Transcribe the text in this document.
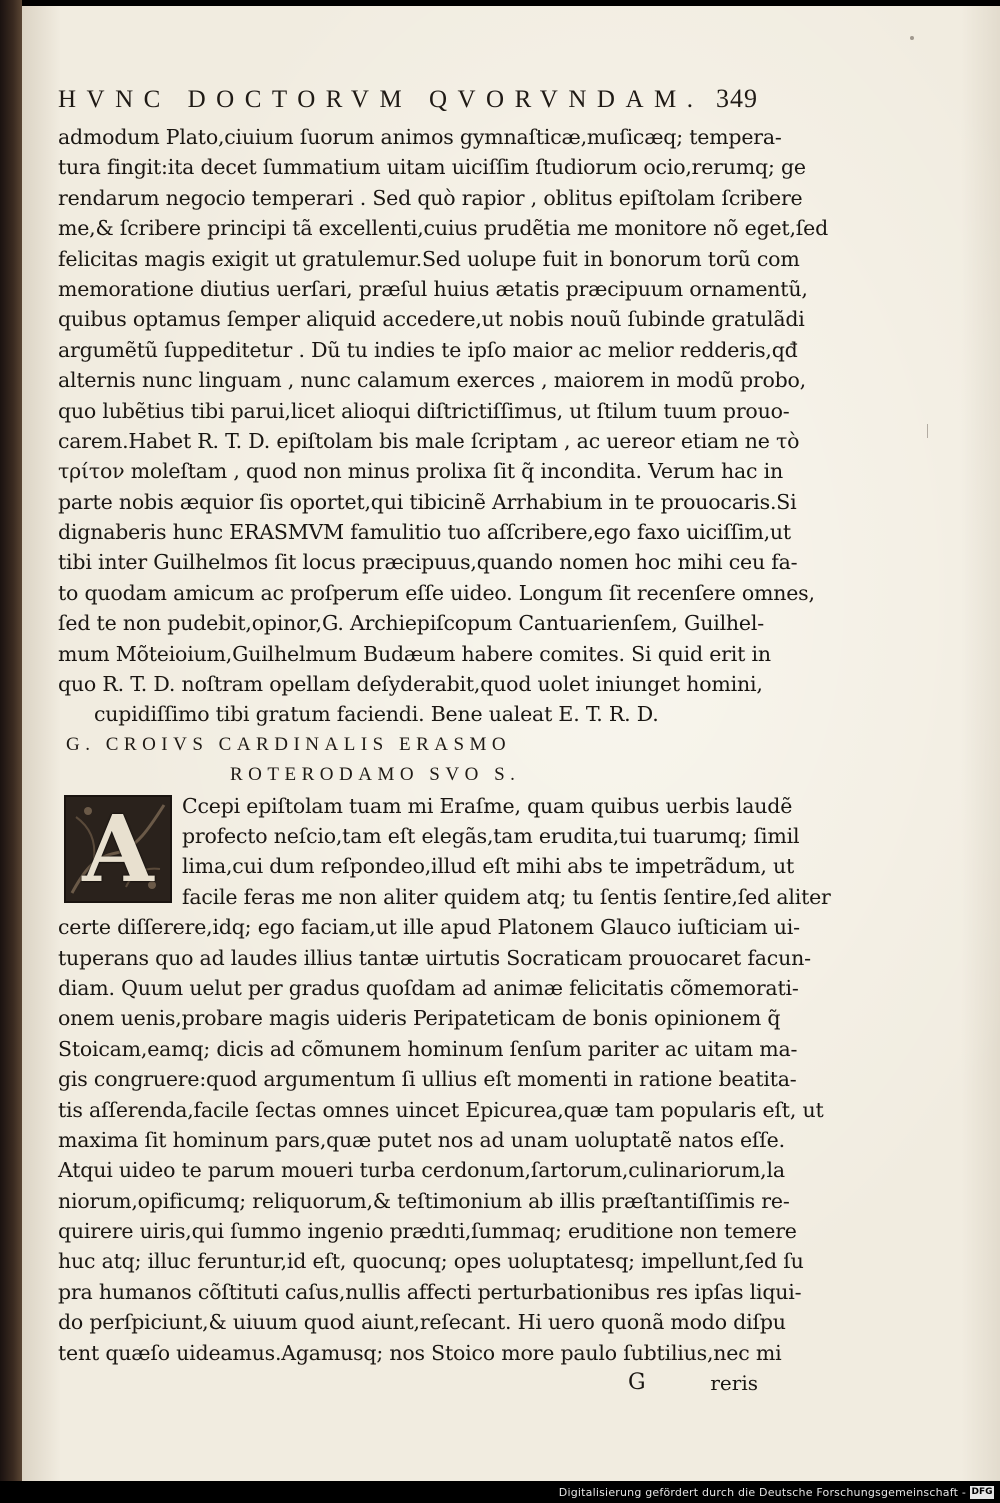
HVNC DOCTORVM QVORVNDAM. 349
admodum Plato,ciuium ſuorum animos gymnaſticæ,muſicæq; tempera-
tura fingit:ita decet ſummatium uitam uiciſſim ſtudiorum ocio,rerumq; ge
rendarum negocio temperari . Sed quò rapior , oblitus epiſtolam ſcribere
me,& ſcribere principi tã excellenti,cuius prudẽtia me monitore nõ eget,ſed
felicitas magis exigit ut gratulemur.Sed uolupe fuit in bonorum torũ com
memoratione diutius uerſari, præſul huius ætatis præcipuum ornamentũ,
quibus optamus ſemper aliquid accedere,ut nobis nouũ ſubinde gratulãdi
argumẽtũ ſuppeditetur . Dũ tu indies te ipſo maior ac melior redderis,qđ
alternis nunc linguam , nunc calamum exerces , maiorem in modũ probo,
quo lubẽtius tibi parui,licet alioqui diſtrictiſſimus, ut ſtilum tuum prouo-
carem.Habet R. T. D. epiſtolam bis male ſcriptam , ac uereor etiam ne τὸ
τρίτον moleſtam , quod non minus prolixa ſit q̃ incondita. Verum hac in
parte nobis æquior ſis oportet,qui tibicinẽ Arrhabium in te prouocaris.Si
dignaberis hunc ERASMVM famulitio tuo aſſcribere,ego faxo uiciſſim,ut
tibi inter Guilhelmos ſit locus præcipuus,quando nomen hoc mihi ceu fa-
to quodam amicum ac proſperum eſſe uideo. Longum ſit recenſere omnes,
ſed te non pudebit,opinor,G. Archiepiſcopum Cantuarienſem, Guilhel-
mum Mõteioium,Guilhelmum Budæum habere comites. Si quid erit in
quo R. T. D. noſtram opellam deſyderabit,quod uolet iniunget homini,
cupidiſſimo tibi gratum faciendi. Bene ualeat E. T. R. D.
G. CROIVS CARDINALIS ERASMO
ROTERODAMO SVO S.
A	Ccepi epiſtolam tuam mi Eraſme, quam quibus uerbis laudẽ
profecto neſcio,tam eſt elegãs,tam erudita,tui tuarumq; ſimil
lima,cui dum reſpondeo,illud eſt mihi abs te impetrãdum, ut
facile feras me non aliter quidem atq; tu ſentis ſentire,ſed aliter
certe diſſerere,idq; ego faciam,ut ille apud Platonem Glauco iuſticiam ui-
tuperans quo ad laudes illius tantæ uirtutis Socraticam prouocaret facun-
diam. Quum uelut per gradus quoſdam ad animæ felicitatis cõmemorati-
onem uenis,probare magis uideris Peripateticam de bonis opinionem q̃
Stoicam,eamq; dicis ad cõmunem hominum ſenſum pariter ac uitam ma-
gis congruere:quod argumentum ſi ullius eſt momenti in ratione beatita-
tis aſſerenda,facile ſectas omnes uincet Epicurea,quæ tam popularis eſt, ut
maxima ſit hominum pars,quæ putet nos ad unam uoluptatẽ natos eſſe.
Atqui uideo te parum moueri turba cerdonum,ſartorum,culinariorum,la
niorum,opificumq; reliquorum,& teſtimonium ab illis præſtantiſſimis re-
quirere uiris,qui ſummo ingenio prædıti,ſummaq; eruditione non temere
huc atq; illuc feruntur,id eſt, quocunq; opes uoluptatesq; impellunt,ſed ſu
pra humanos cõſtituti caſus,nullis affecti perturbationibus res ipſas liqui-
do perſpiciunt,& uiuum quod aiunt,reſecant. Hi uero quonã modo diſpu
tent quæſo uideamus.Agamusq; nos Stoico more paulo ſubtilius,nec mi
G	reris
Digitalisierung gefördert durch die Deutsche Forschungsgemeinschaft - DFG
